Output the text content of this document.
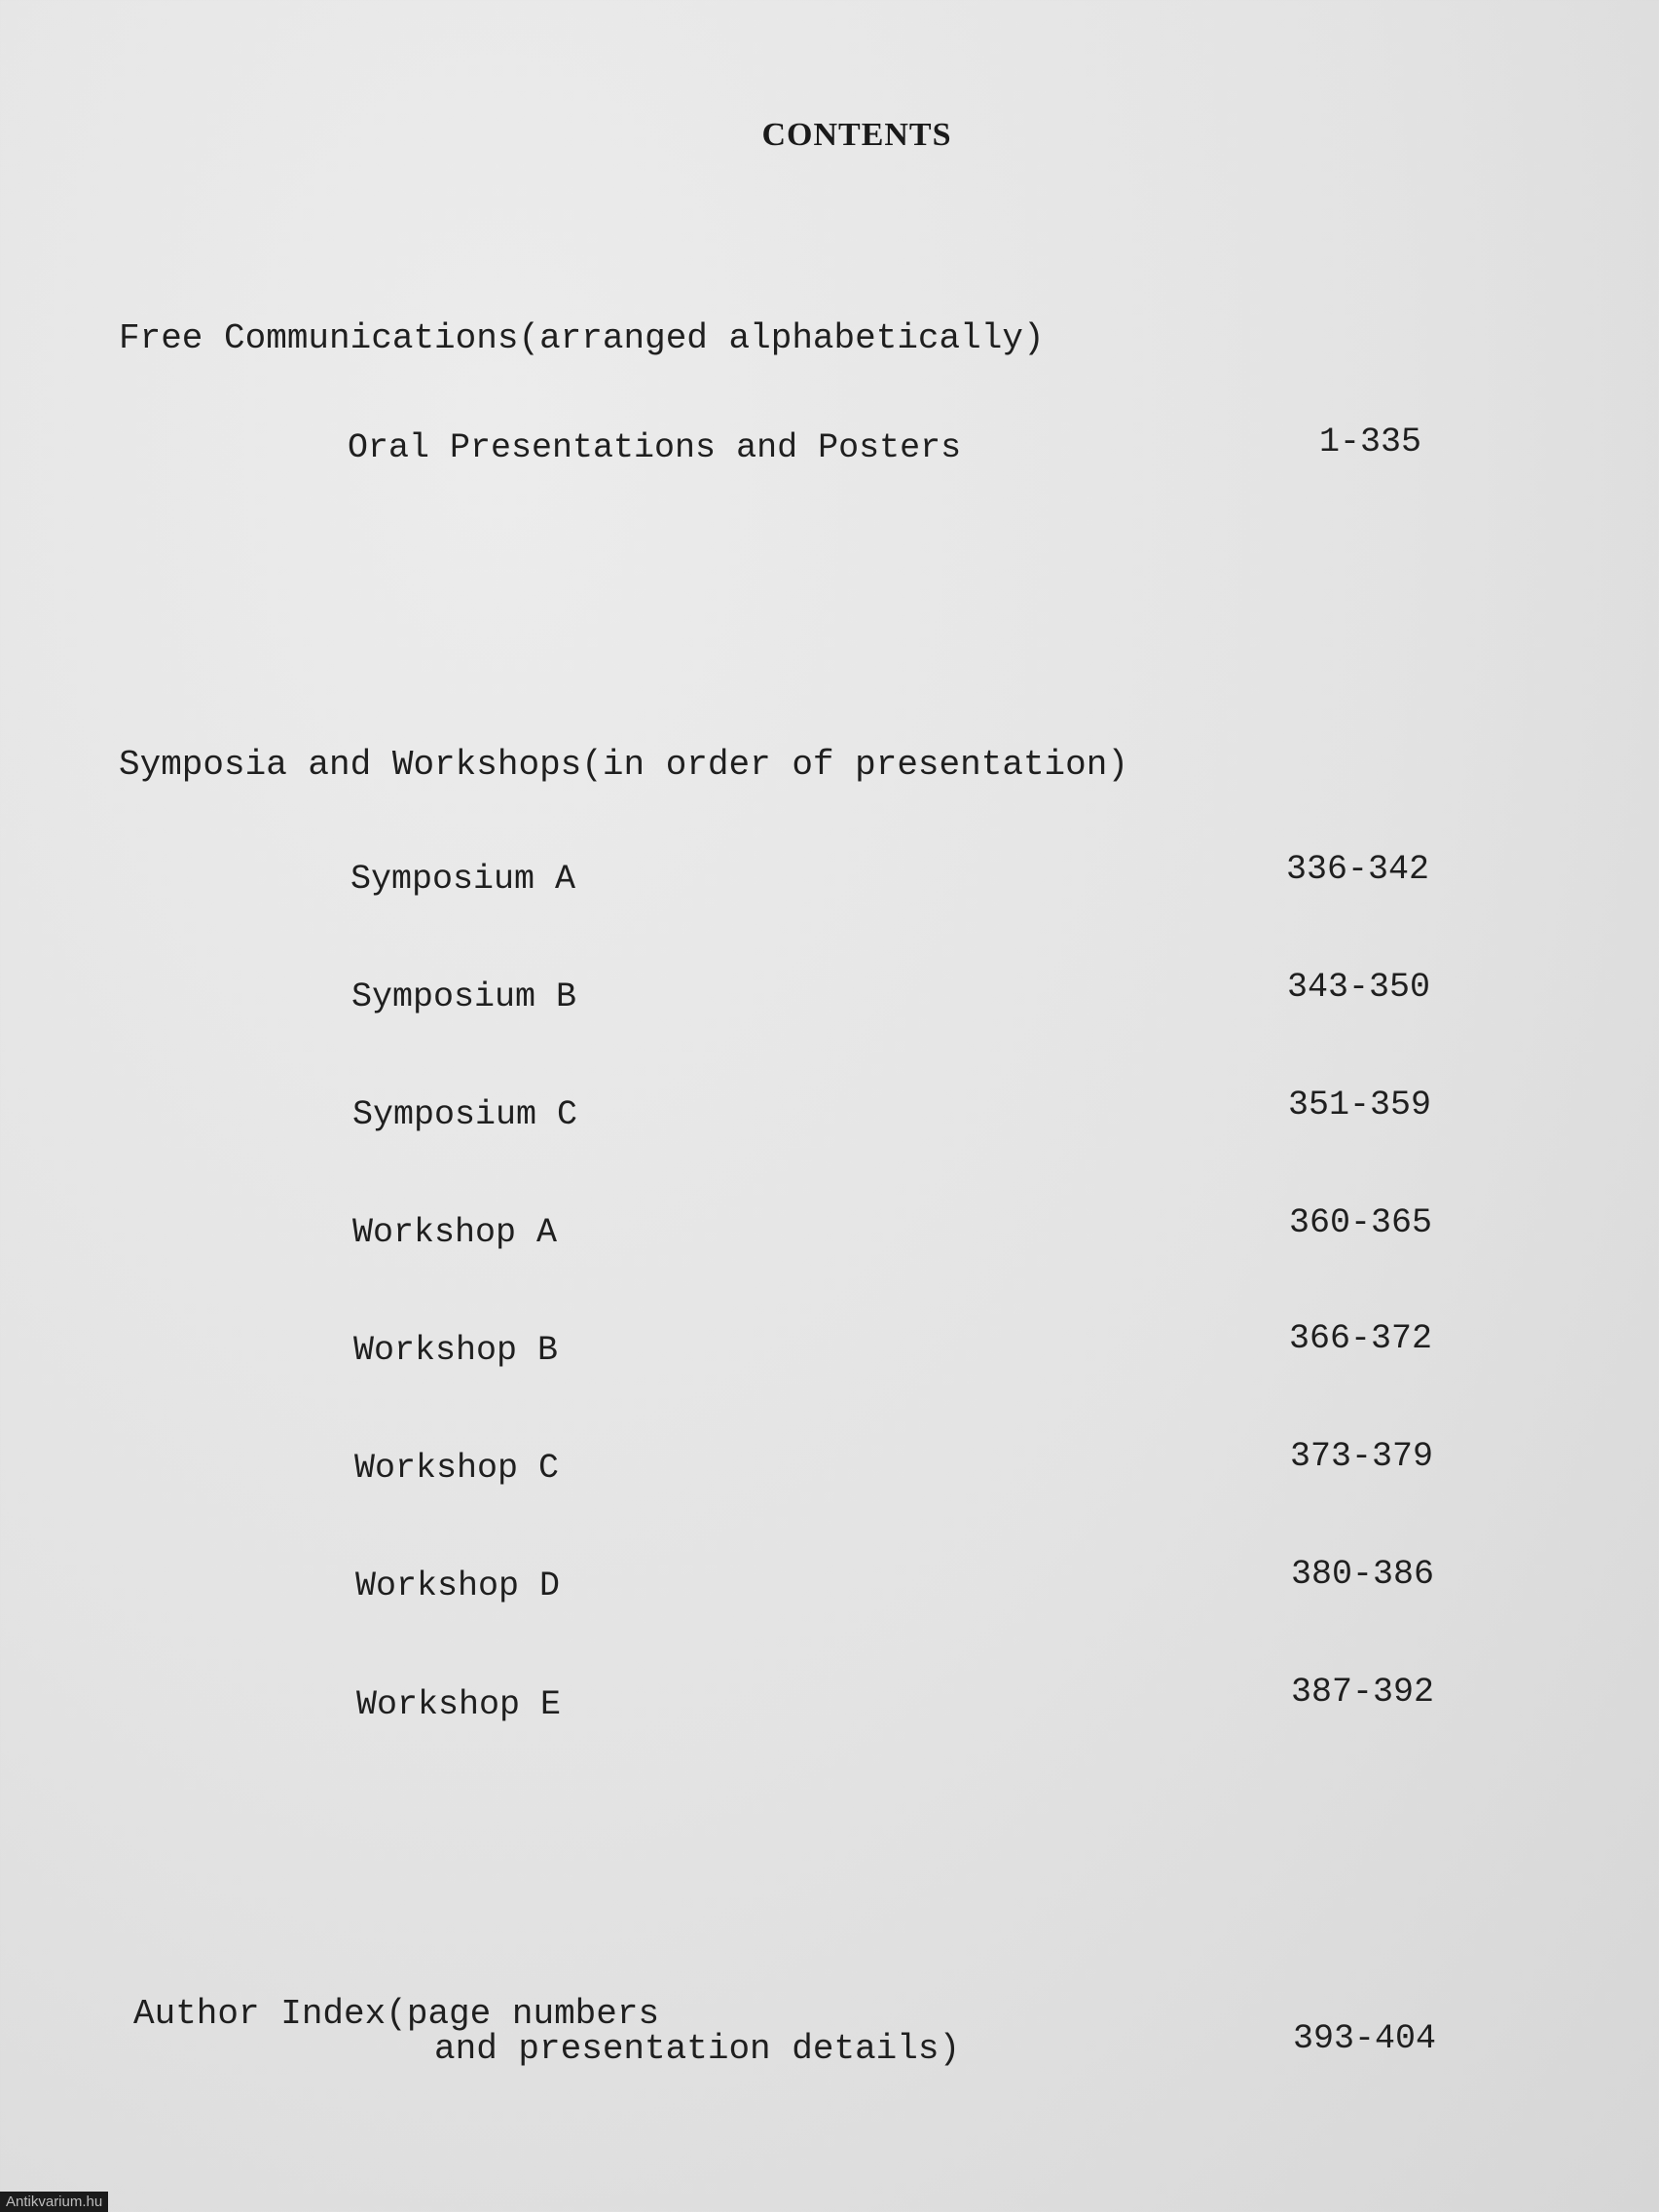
CONTENTS
Free Communications(arranged alphabetically)
Oral Presentations and Posters	1-335
Symposia and Workshops(in order of presentation)
Symposium A	336-342
Symposium B	343-350
Symposium C	351-359
Workshop A	360-365
Workshop B	366-372
Workshop C	373-379
Workshop D	380-386
Workshop E	387-392
Author Index(page numbers
and presentation details)	393-404
Antikvarium.hu
